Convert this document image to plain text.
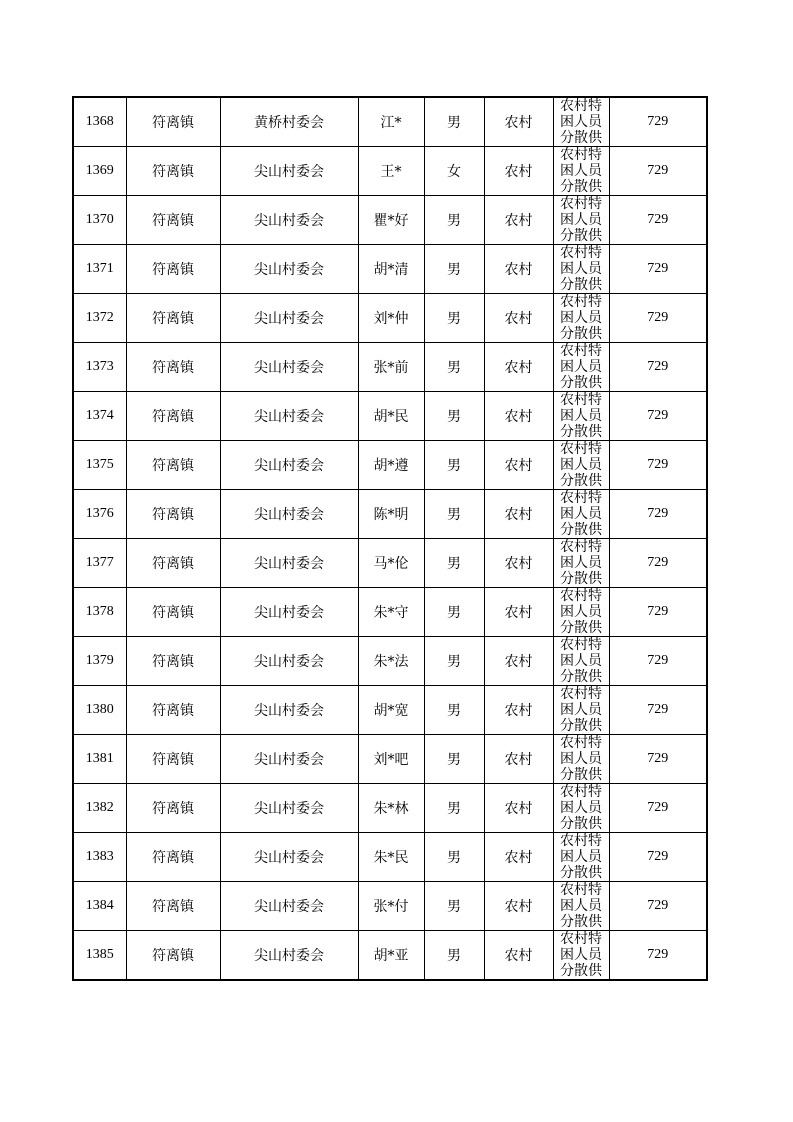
1368	符离镇	黄桥村委会	江*	男	农村	农村特困人员分散供	729
1369	符离镇	尖山村委会	王*	女	农村	农村特困人员分散供	729
1370	符离镇	尖山村委会	瞿*好	男	农村	农村特困人员分散供	729
1371	符离镇	尖山村委会	胡*清	男	农村	农村特困人员分散供	729
1372	符离镇	尖山村委会	刘*仲	男	农村	农村特困人员分散供	729
1373	符离镇	尖山村委会	张*前	男	农村	农村特困人员分散供	729
1374	符离镇	尖山村委会	胡*民	男	农村	农村特困人员分散供	729
1375	符离镇	尖山村委会	胡*遵	男	农村	农村特困人员分散供	729
1376	符离镇	尖山村委会	陈*明	男	农村	农村特困人员分散供	729
1377	符离镇	尖山村委会	马*伦	男	农村	农村特困人员分散供	729
1378	符离镇	尖山村委会	朱*守	男	农村	农村特困人员分散供	729
1379	符离镇	尖山村委会	朱*法	男	农村	农村特困人员分散供	729
1380	符离镇	尖山村委会	胡*宽	男	农村	农村特困人员分散供	729
1381	符离镇	尖山村委会	刘*吧	男	农村	农村特困人员分散供	729
1382	符离镇	尖山村委会	朱*林	男	农村	农村特困人员分散供	729
1383	符离镇	尖山村委会	朱*民	男	农村	农村特困人员分散供	729
1384	符离镇	尖山村委会	张*付	男	农村	农村特困人员分散供	729
1385	符离镇	尖山村委会	胡*亚	男	农村	农村特困人员分散供	729
